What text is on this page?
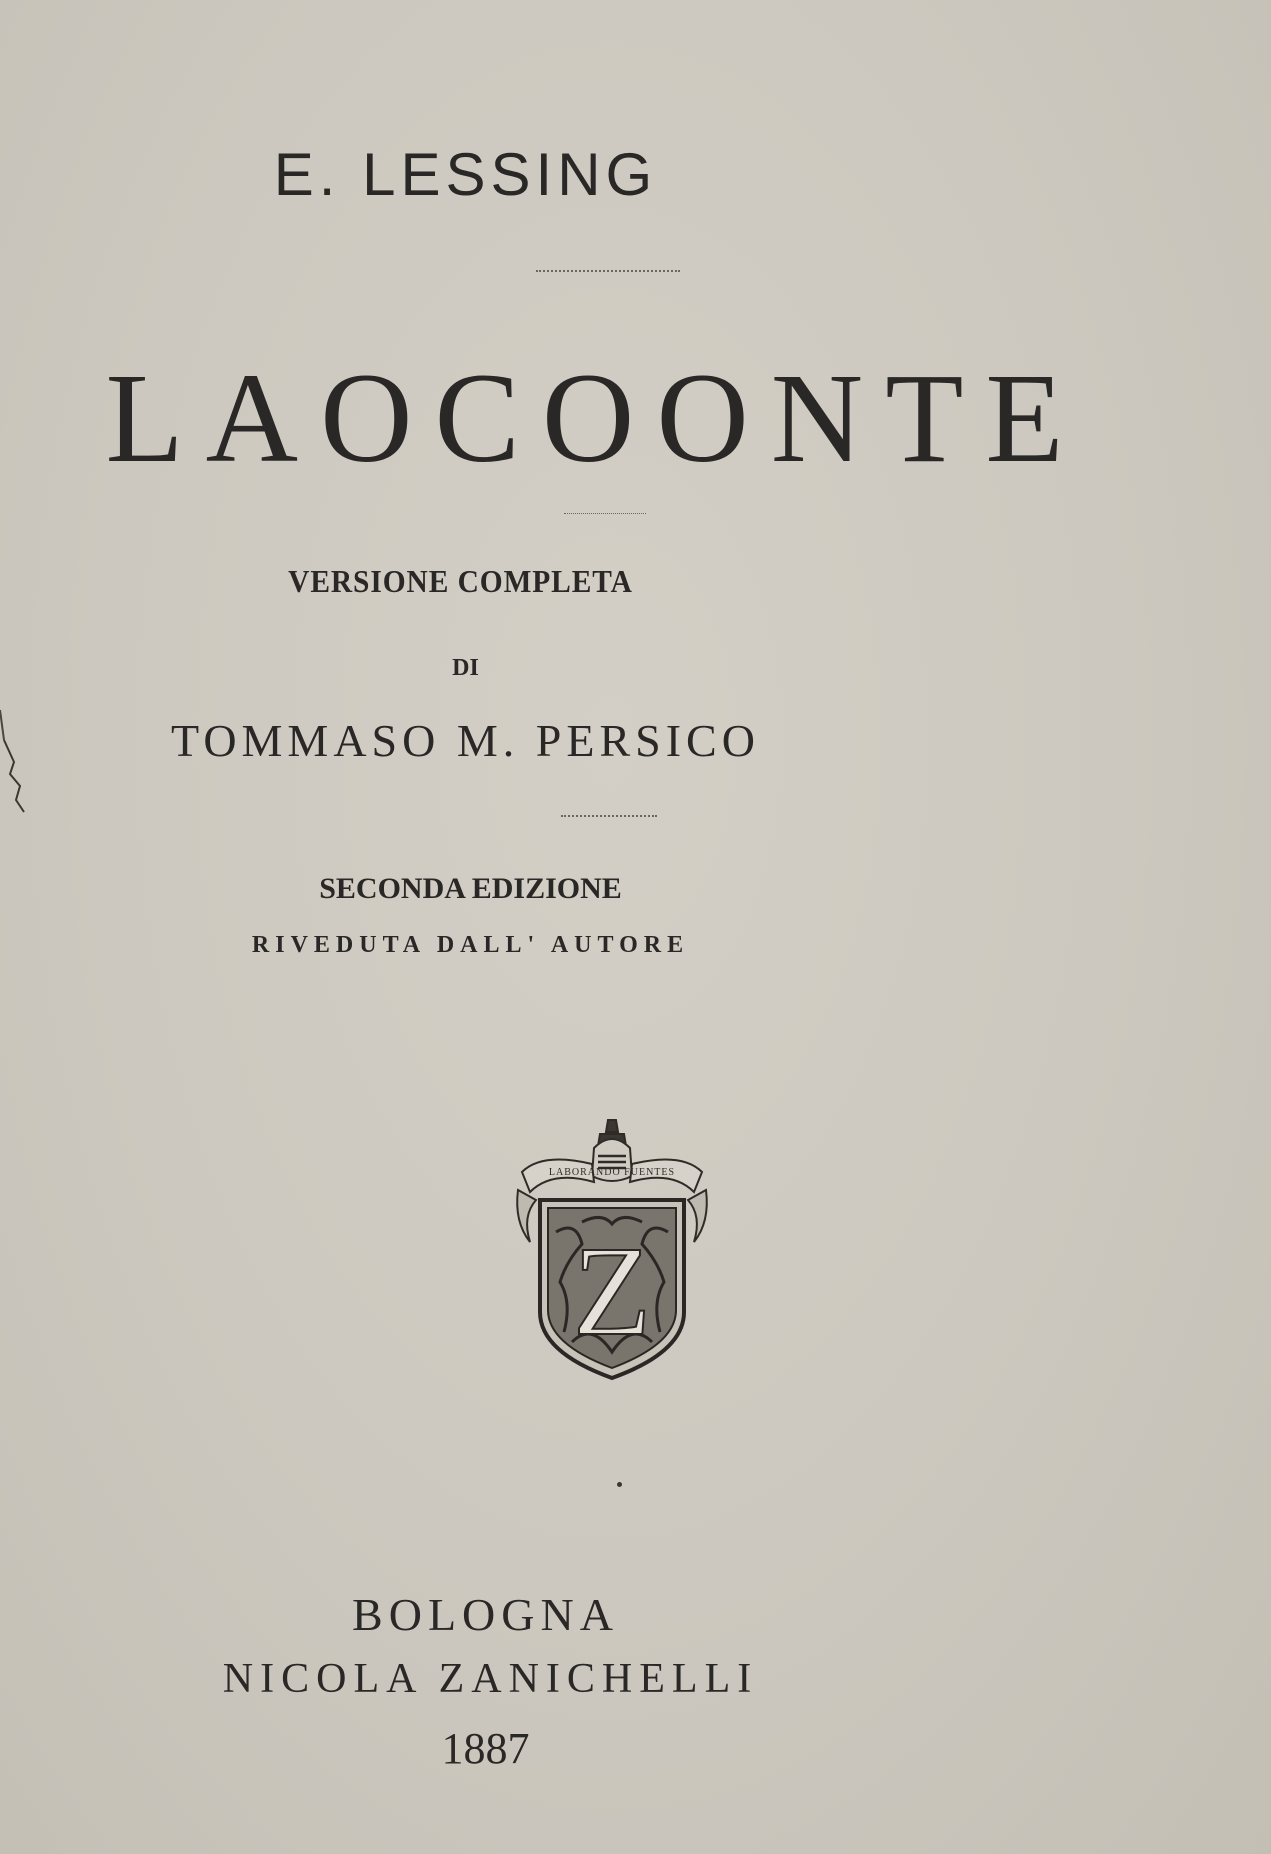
E. LESSING
LAOCOONTE
VERSIONE COMPLETA
DI
TOMMASO M. PERSICO
SECONDA EDIZIONE
RIVEDUTA DALL' AUTORE
LABORANDO FUENTES
Z
BOLOGNA
NICOLA ZANICHELLI
1887
